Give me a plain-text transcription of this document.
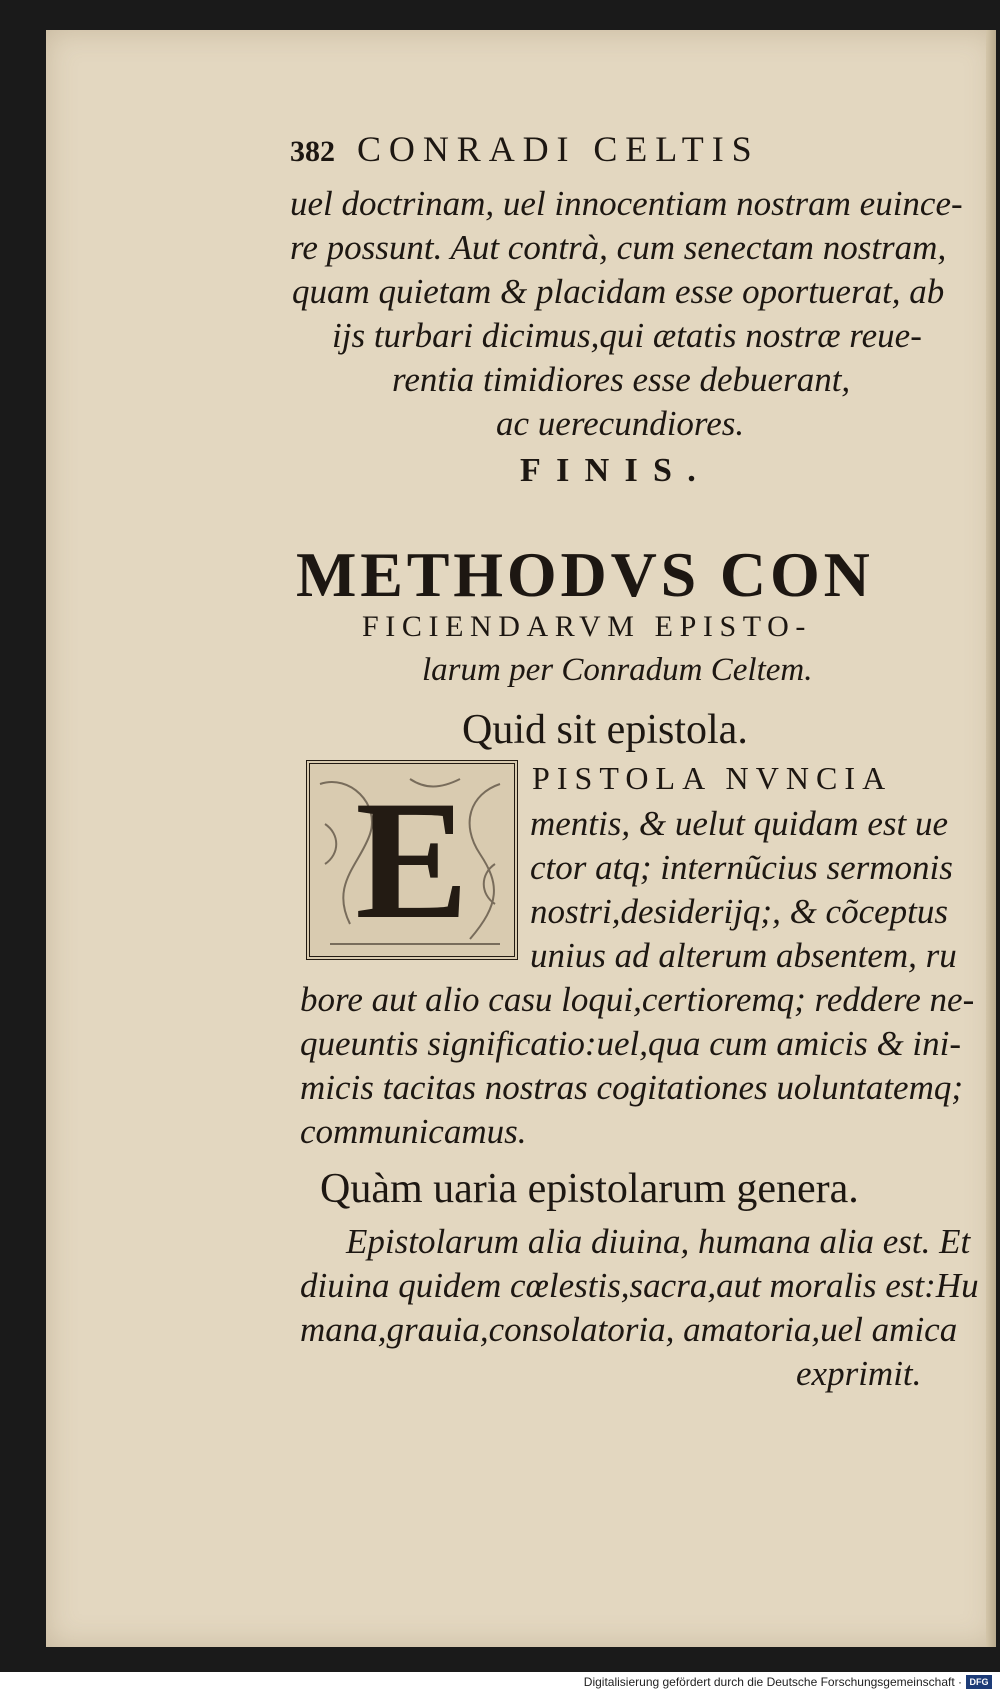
382 CONRADI CELTIS
uel doctrinam, uel innocentiam nostram euince-
re possunt. Aut contrà, cum senectam nostram,
quam quietam & placidam esse oportuerat, ab
ijs turbari dicimus,qui ætatis nostræ reue-
rentia timidiores esse debuerant,
ac uerecundiores.
FINIS.
METHODVS CON
FICIENDARVM EPISTO-
larum per Conradum Celtem.
Quid sit epistola.
E	PISTOLA NVNCIA
mentis, & uelut quidam est ue
ctor atq; internũcius sermonis
nostri,desiderijq;, & cõceptus
unius ad alterum absentem, ru
bore aut alio casu loqui,certioremq; reddere ne-
queuntis significatio:uel,qua cum amicis & ini-
micis tacitas nostras cogitationes uoluntatemq;
communicamus.
Quàm uaria epistolarum genera.
Epistolarum alia diuina, humana alia est. Et
diuina quidem cœlestis,sacra,aut moralis est:Hu
mana,grauia,consolatoria, amatoria,uel amica
exprimit.
Digitalisierung gefördert durch die Deutsche Forschungsgemeinschaft · DFG
